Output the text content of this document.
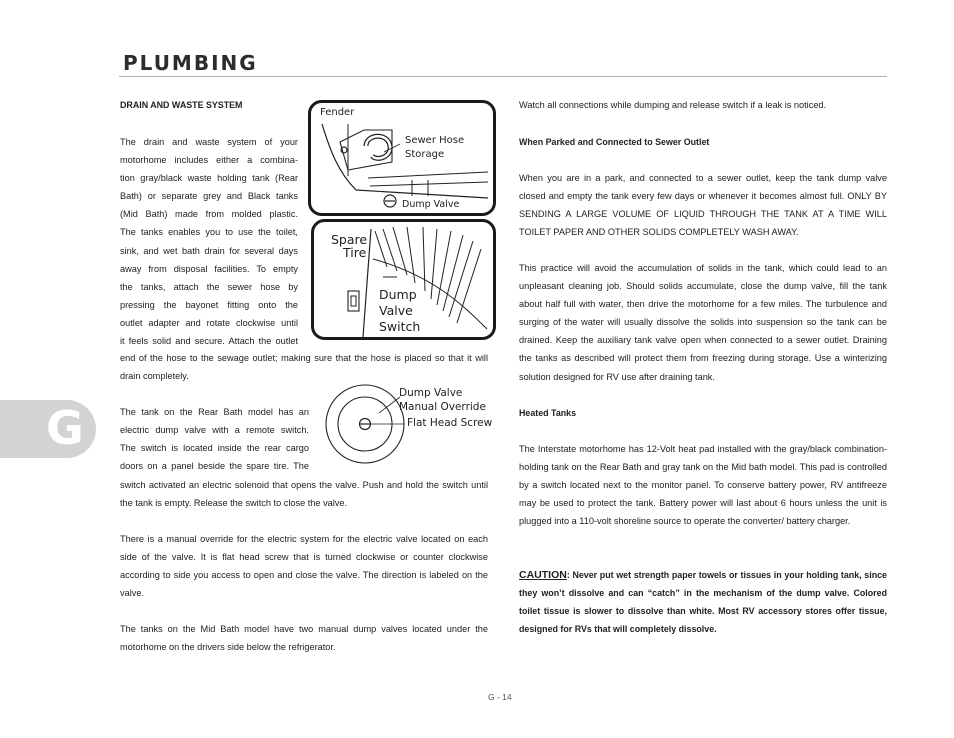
PLUMBING
G

DRAIN AND WASTE SYSTEM

The drain and waste system of your

motorhome includes either a combina-

tion gray/black waste holding tank (Rear

Bath) or separate grey and Black tanks

(Mid Bath) made from molded plastic.

The tanks enables you to use the toilet,

sink, and wet bath drain for several days

away from disposal facilities. To empty

the tanks, attach the sewer hose by

pressing the bayonet fitting onto the

outlet adapter and rotate clockwise until

it feels solid and secure. Attach the outlet

end of the hose to the sewage outlet; making sure that the hose is placed so that it will drain completely.

The tank on the Rear Bath model has an

electric dump valve with a remote switch.

The switch is located inside the rear cargo

doors on a panel beside the spare tire. The

switch activated an electric solenoid that opens the valve. Push and hold the switch until the tank is empty. Release the switch to close the valve.

There is a manual override for the electric system for the electric valve located on each side of the valve. It is flat head screw that is turned clockwise or counter clockwise according to side you access to open and close the valve. The direction is labeled on the valve.

The tanks on the Mid Bath model have two manual dump valves located under the motorhome on the drivers side below the refrigerator.

Fender

Sewer Hose

Storage

Dump Valve

Spare

Tire

Dump

Valve

Switch

Dump Valve

Manual Override

Flat Head Screw

Watch all connections while dumping and release switch if a leak is noticed.

When Parked and Connected to Sewer Outlet

When you are in a park, and connected to a sewer outlet, keep the tank dump valve closed and empty the tank every few days or whenever it becomes almost full. ONLY BY SENDING A LARGE VOLUME OF LIQUID THROUGH THE TANK AT A TIME WILL TOILET PAPER AND OTHER SOLIDS COMPLETELY WASH AWAY.

This practice will avoid the accumulation of solids in the tank, which could lead to an unpleasant cleaning job. Should solids accumulate, close the dump valve, fill the tank about half full with water, then drive the motorhome for a few miles. The turbulence and surging of the water will usually dissolve the solids into suspension so the tank can be drained. Keep the auxiliary tank valve open when connected to a sewer outlet. Draining the tanks as described will protect them from freezing during storage. Use a winterizing solution designed for RV use after draining tank.

Heated Tanks

The Interstate motorhome has 12-Volt heat pad installed with the gray/black combination-holding tank on the Rear Bath and gray tank on the Mid bath model. This pad is controlled by a switch located next to the monitor panel. To conserve battery power, RV antifreeze may be used to protect the tank. Battery power will last about 6 hours unless the unit is plugged into a 110-volt shoreline source to operate the converter/ battery charger.

CAUTION: Never put wet strength paper towels or tissues in your holding tank, since they won’t dissolve and can “catch” in the mechanism of the dump valve. Colored toilet tissue is slower to dissolve than white. Most RV accessory stores offer tissue, designed for RVs that will completely dissolve.

G - 14
